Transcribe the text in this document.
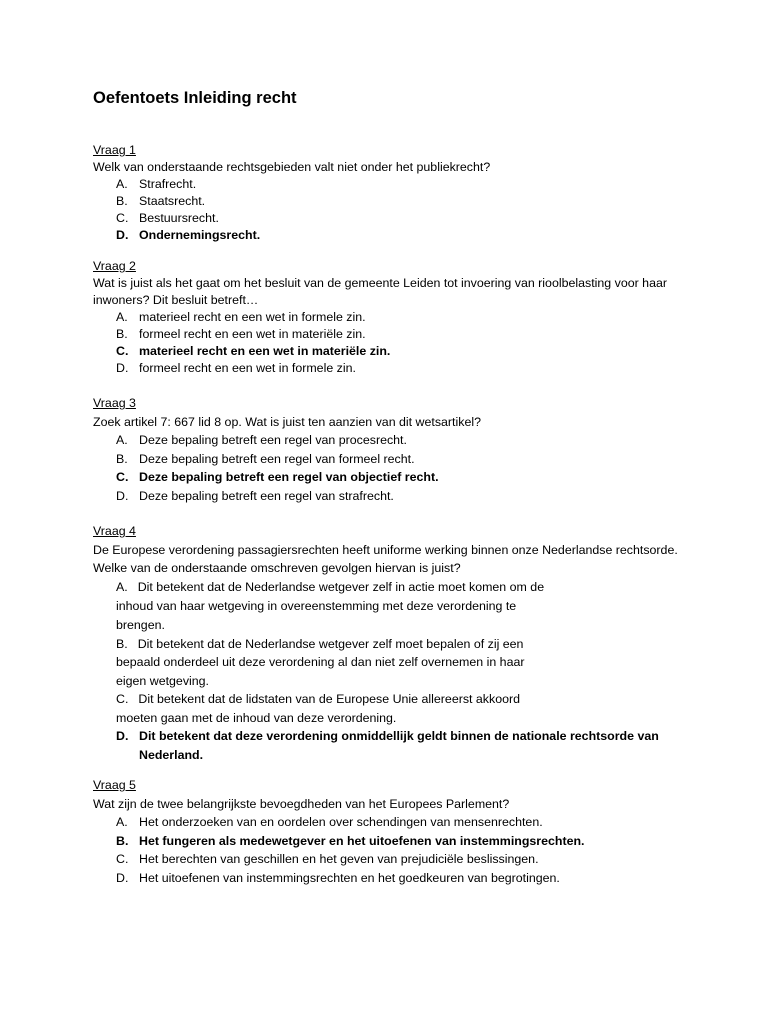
Oefentoets Inleiding recht
Vraag 1
Welk van onderstaande rechtsgebieden valt niet onder het publiekrecht?
A. Strafrecht.
B. Staatsrecht.
C. Bestuursrecht.
D. Ondernemingsrecht.
Vraag 2
Wat is juist als het gaat om het besluit van de gemeente Leiden tot invoering van rioolbelasting voor haar inwoners? Dit besluit betreft…
A. materieel recht en een wet in formele zin.
B. formeel recht en een wet in materiële zin.
C. materieel recht en een wet in materiële zin.
D. formeel recht en een wet in formele zin.
Vraag 3
Zoek artikel 7: 667 lid 8 op. Wat is juist ten aanzien van dit wetsartikel?
A. Deze bepaling betreft een regel van procesrecht.
B. Deze bepaling betreft een regel van formeel recht.
C. Deze bepaling betreft een regel van objectief recht.
D. Deze bepaling betreft een regel van strafrecht.
Vraag 4
De Europese verordening passagiersrechten heeft uniforme werking binnen onze Nederlandse rechtsorde. Welke van de onderstaande omschreven gevolgen hiervan is juist?
A. Dit betekent dat de Nederlandse wetgever zelf in actie moet komen om de
inhoud van haar wetgeving in overeenstemming met deze verordening te
brengen.
B. Dit betekent dat de Nederlandse wetgever zelf moet bepalen of zij een
bepaald onderdeel uit deze verordening al dan niet zelf overnemen in haar
eigen wetgeving.
C. Dit betekent dat de lidstaten van de Europese Unie allereerst akkoord
moeten gaan met de inhoud van deze verordening.
D. Dit betekent dat deze verordening onmiddellijk geldt binnen de nationale rechtsorde van Nederland.
Vraag 5
Wat zijn de twee belangrijkste bevoegdheden van het Europees Parlement?
A. Het onderzoeken van en oordelen over schendingen van mensenrechten.
B. Het fungeren als medewetgever en het uitoefenen van instemmingsrechten.
C. Het berechten van geschillen en het geven van prejudiciële beslissingen.
D. Het uitoefenen van instemmingsrechten en het goedkeuren van begrotingen.
